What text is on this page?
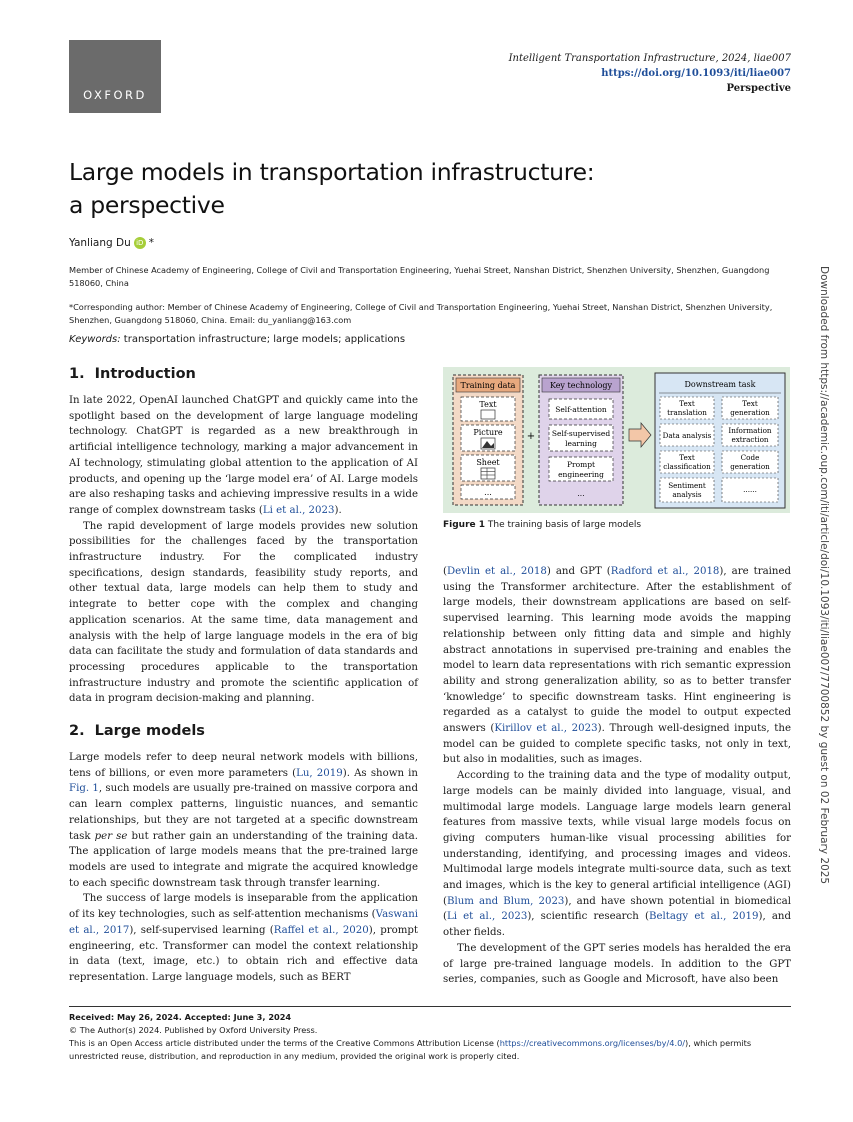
OXFORD
Intelligent Transportation Infrastructure, 2024, liae007
https://doi.org/10.1093/iti/liae007
Perspective
Large models in transportation infrastructure:
a perspective
Yanliang Du iD *
Member of Chinese Academy of Engineering, College of Civil and Transportation Engineering, Yuehai Street, Nanshan District, Shenzhen University, Shenzhen, Guangdong 518060, China
*Corresponding author: Member of Chinese Academy of Engineering, College of Civil and Transportation Engineering, Yuehai Street, Nanshan District, Shenzhen University, Shenzhen, Guangdong 518060, China. Email: du_yanliang@163.com
Keywords: transportation infrastructure; large models; applications
1. Introduction

In late 2022, OpenAI launched ChatGPT and quickly came into the spotlight based on the development of large language modeling technology. ChatGPT is regarded as a new breakthrough in artificial intelligence technology, marking a major advancement in AI technology, stimulating global attention to the application of AI products, and opening up the ‘large model era’ of AI. Large models are also reshaping tasks and achieving impressive results in a wide range of complex downstream tasks (Li et al., 2023).

The rapid development of large models provides new solution possibilities for the challenges faced by the transportation infrastructure industry. For the complicated industry specifications, design standards, feasibility study reports, and other textual data, large models can help them to study and integrate to better cope with the complex and changing application scenarios. At the same time, data management and analysis with the help of large language models in the era of big data can facilitate the study and formulation of data standards and processing procedures applicable to the transportation infrastructure industry and promote the scientific application of data in program decision-making and planning.

2. Large models

Large models refer to deep neural network models with billions, tens of billions, or even more parameters (Lu, 2019). As shown in Fig. 1, such models are usually pre-trained on massive corpora and can learn complex patterns, linguistic nuances, and semantic relationships, but they are not targeted at a specific downstream task per se but rather gain an understanding of the training data. The application of large models means that the pre-trained large models are used to integrate and migrate the acquired knowledge to each specific downstream task through transfer learning.

The success of large models is inseparable from the application of its key technologies, such as self-attention mechanisms (Vaswani et al., 2017), self-supervised learning (Raffel et al., 2020), prompt engineering, etc. Transformer can model the context relationship in data (text, image, etc.) to obtain rich and effective data representation. Large language models, such as BERT

Training data
Text
Picture
Sheet
...
+
Key technology
Self-attention
Self-supervised
learning
Prompt
engineering
...
Downstream task
Text
translation
Text
generation
Data analysis
Information
extraction
Text
classification
Code
generation
Sentiment
analysis
......
Figure 1 The training basis of large models

(Devlin et al., 2018) and GPT (Radford et al., 2018), are trained using the Transformer architecture. After the establishment of large models, their downstream applications are based on self-supervised learning. This learning mode avoids the mapping relationship between only fitting data and simple and highly abstract annotations in supervised pre-training and enables the model to learn data representations with rich semantic expression ability and strong generalization ability, so as to better transfer ‘knowledge’ to specific downstream tasks. Hint engineering is regarded as a catalyst to guide the model to output expected answers (Kirillov et al., 2023). Through well-designed inputs, the model can be guided to complete specific tasks, not only in text, but also in modalities, such as images.

According to the training data and the type of modality output, large models can be mainly divided into language, visual, and multimodal large models. Language large models learn general features from massive texts, while visual large models focus on giving computers human-like visual processing abilities for understanding, identifying, and processing images and videos. Multimodal large models integrate multi-source data, such as text and images, which is the key to general artificial intelligence (AGI) (Blum and Blum, 2023), and have shown potential in biomedical (Li et al., 2023), scientific research (Beltagy et al., 2019), and other fields.

The development of the GPT series models has heralded the era of large pre-trained language models. In addition to the GPT series, companies, such as Google and Microsoft, have also been

Received: May 26, 2024. Accepted: June 3, 2024
© The Author(s) 2024. Published by Oxford University Press.
This is an Open Access article distributed under the terms of the Creative Commons Attribution License (https://creativecommons.org/licenses/by/4.0/), which permits unrestricted reuse, distribution, and reproduction in any medium, provided the original work is properly cited.
Downloaded from https://academic.oup.com/iti/article/doi/10.1093/iti/liae007/7700852 by guest on 02 February 2025
